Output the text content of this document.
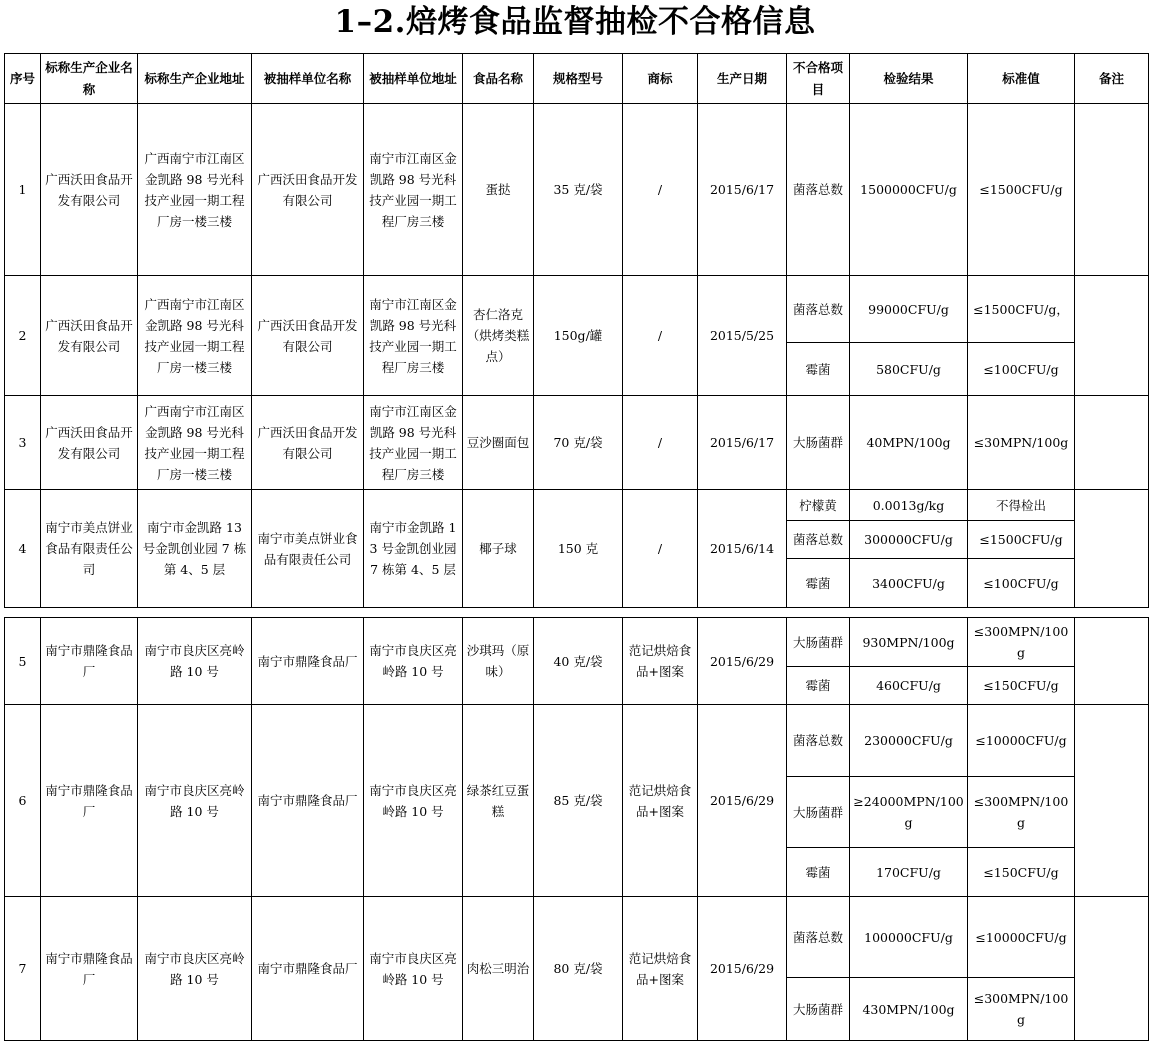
1–2.焙烤食品监督抽检不合格信息
序号	标称生产企业名称	标称生产企业地址	被抽样单位名称	被抽样单位地址	食品名称	规格型号	商标	生产日期	不合格项目	检验结果	标准值	备注
1	广西沃田食品开发有限公司	广西南宁市江南区金凯路 98 号光科技产业园一期工程厂房一楼三楼	广西沃田食品开发有限公司	南宁市江南区金凯路 98 号光科技产业园一期工程厂房三楼	蛋挞	35 克/袋	/	2015/6/17	菌落总数	1500000CFU/g	≤1500CFU/g	
2	广西沃田食品开发有限公司	广西南宁市江南区金凯路 98 号光科技产业园一期工程厂房一楼三楼	广西沃田食品开发有限公司	南宁市江南区金凯路 98 号光科技产业园一期工程厂房三楼	杏仁洛克（烘烤类糕点）	150g/罐	/	2015/5/25	菌落总数	99000CFU/g	≤1500CFU/g，	
									霉菌	580CFU/g	≤100CFU/g	
3	广西沃田食品开发有限公司	广西南宁市江南区金凯路 98 号光科技产业园一期工程厂房一楼三楼	广西沃田食品开发有限公司	南宁市江南区金凯路 98 号光科技产业园一期工程厂房三楼	豆沙圈面包	70 克/袋	/	2015/6/17	大肠菌群	40MPN/100g	≤30MPN/100g	
4	南宁市美点饼业食品有限责任公司	南宁市金凯路 13 号金凯创业园 7 栋第 4、5 层	南宁市美点饼业食品有限责任公司	南宁市金凯路 13 号金凯创业园 7 栋第 4、5 层	椰子球	150 克	/	2015/6/14	柠檬黄	0.0013g/kg	不得检出	
									菌落总数	300000CFU/g	≤1500CFU/g	
									霉菌	3400CFU/g	≤100CFU/g	
5	南宁市鼎隆食品厂	南宁市良庆区亮岭路 10 号	南宁市鼎隆食品厂	南宁市良庆区亮岭路 10 号	沙琪玛（原味）	40 克/袋	范记烘焙食品+图案	2015/6/29	大肠菌群	930MPN/100g	≤300MPN/100g	
									霉菌	460CFU/g	≤150CFU/g	
6	南宁市鼎隆食品厂	南宁市良庆区亮岭路 10 号	南宁市鼎隆食品厂	南宁市良庆区亮岭路 10 号	绿茶红豆蛋糕	85 克/袋	范记烘焙食品+图案	2015/6/29	菌落总数	230000CFU/g	≤10000CFU/g	
									大肠菌群	≥24000MPN/100g	≤300MPN/100g	
									霉菌	170CFU/g	≤150CFU/g	
7	南宁市鼎隆食品厂	南宁市良庆区亮岭路 10 号	南宁市鼎隆食品厂	南宁市良庆区亮岭路 10 号	肉松三明治	80 克/袋	范记烘焙食品+图案	2015/6/29	菌落总数	100000CFU/g	≤10000CFU/g	
									大肠菌群	430MPN/100g	≤300MPN/100g	
